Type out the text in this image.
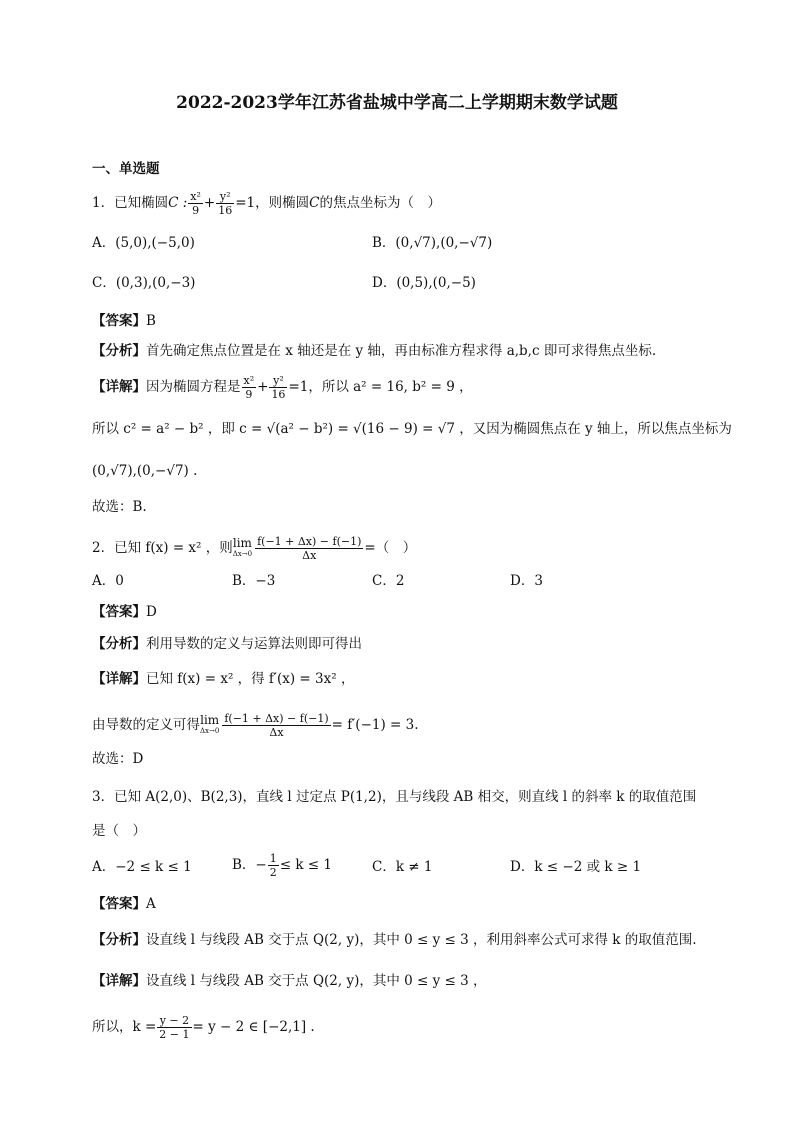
2022-2023学年江苏省盐城中学高二上学期期末数学试题
一、单选题
1．已知椭圆C : $\frac{\text{x²}}{9} + \frac{\text{y²}}{16} =1$，则椭圆C的焦点坐标为（　）
A．(5,0),(−5,0)	B．(0,√7),(0,−√7)
C．(0,3),(0,−3)	D．(0,5),(0,−5)
【答案】B
【分析】首先确定焦点位置是在 x 轴还是在 y 轴，再由标准方程求得 a,b,c 即可求得焦点坐标.
【详解】因为椭圆方程是 $\frac{\text{x²}}{9} + \frac{\text{y²}}{16} =1$，所以 a² = 16, b² = 9 ，
所以 c² = a² − b² ，即 c = √(a² − b²) = √(16 − 9) = √7 ，又因为椭圆焦点在 y 轴上，所以焦点坐标为
(0,√7),(0,−√7) .
故选：B.
2．已知 f(x) = x² ，则 lim
$\Delta x\to 0 \frac{f(-1 + \Delta x) - f(-1)}{\Delta x}$ =（　）
A．0	B．−3	C．2	D．3
【答案】D
【分析】利用导数的定义与运算法则即可得出
【详解】已知 f(x) = x² ，得 f′(x) = 3x² ，
由导数的定义可得 lim
$\Delta x\to 0 \frac{f(-1 + \Delta x) - f(-1)}{\Delta x} = f'(-1) = 3$.
故选：D
3．已知 A(2,0)、B(2,3)，直线 l 过定点 P(1,2)，且与线段 AB 相交，则直线 l 的斜率 k 的取值范围
是（　）
A．−2 ≤ k ≤ 1	B．− $\frac{1}{2} \le k \le 1$	C．k ≠ 1	D．k ≤ −2 或 k ≥ 1
【答案】A
【分析】设直线 l 与线段 AB 交于点 Q(2, y)，其中 0 ≤ y ≤ 3 ，利用斜率公式可求得 k 的取值范围.
【详解】设直线 l 与线段 AB 交于点 Q(2, y)，其中 0 ≤ y ≤ 3 ，
所以，$k = \frac{y - 2}{2 - 1} = y - 2$ ∈ [−2,1] .
